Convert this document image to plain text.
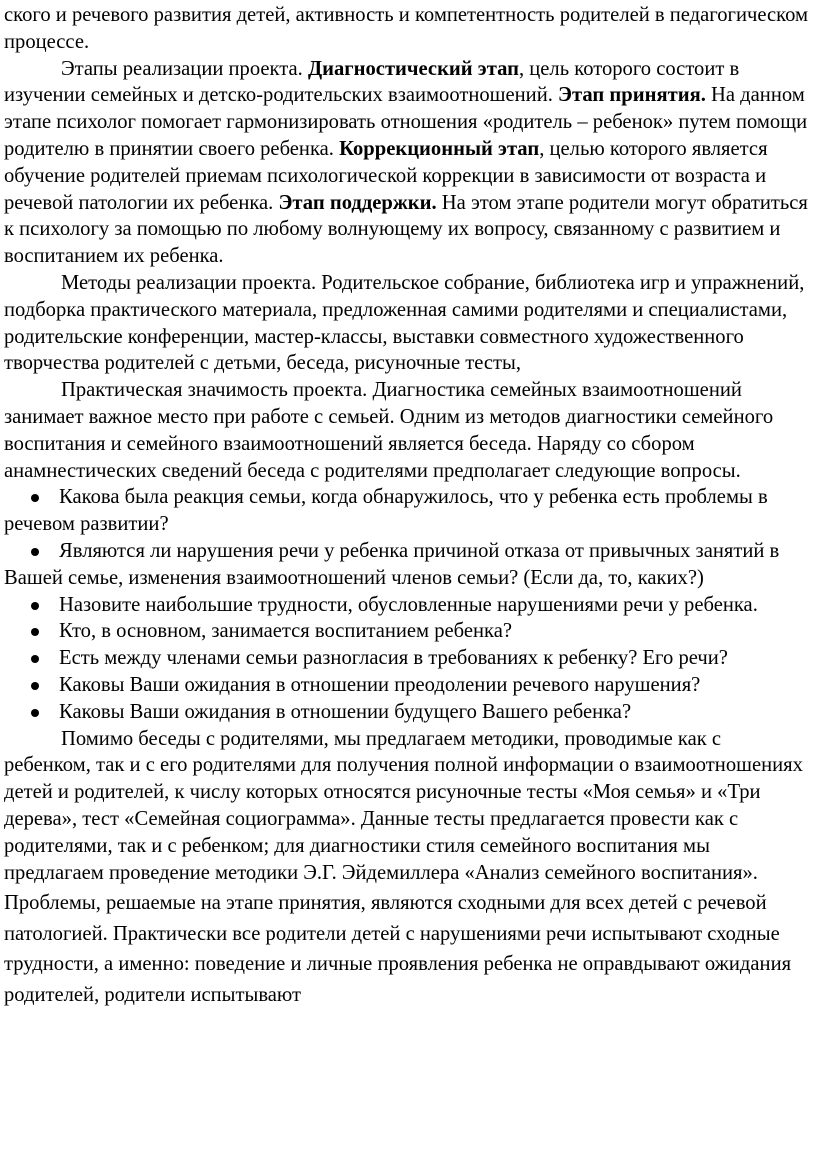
ского и речевого развития детей, активность и компетентность родителей в педагогическом процессе.

Этапы реализации проекта. Диагностический этап, цель которого состоит в изучении семейных и детско-родительских взаимоотношений. Этап принятия. На данном этапе психолог помогает гармонизировать отношения «родитель – ребенок» путем помощи родителю в принятии своего ребенка. Коррекционный этап, целью которого является обучение родителей приемам психологической коррекции в зависимости от возраста и речевой патологии их ребенка. Этап поддержки. На этом этапе родители могут обратиться к психологу за помощью по любому волнующему их вопросу, связанному с развитием и воспитанием их ребенка.

Методы реализации проекта. Родительское собрание, библиотека игр и упражнений, подборка практического материала, предложенная самими родителями и специалистами, родительские конференции, мастер-классы, выставки совместного художественного творчества родителей с детьми, беседа, рисуночные тесты,

Практическая значимость проекта. Диагностика семейных взаимоотношений занимает важное место при работе с семьей. Одним из методов диагностики семейного воспитания и семейного взаимоотношений является беседа. Наряду со сбором анамнестических сведений беседа с родителями предполагает следующие вопросы.

Какова была реакция семьи, когда обнаружилось, что у ребенка есть проблемы в речевом развитии?
Являются ли нарушения речи у ребенка причиной отказа от привычных занятий в Вашей семье, изменения взаимоотношений членов семьи? (Если да, то, каких?)
Назовите наибольшие трудности, обусловленные нарушениями речи у ребенка.
Кто, в основном, занимается воспитанием ребенка?
Есть между членами семьи разногласия в требованиях к ребенку? Его речи?
Каковы Ваши ожидания в отношении преодолении речевого нарушения?
Каковы Ваши ожидания в отношении будущего Вашего ребенка?

Помимо беседы с родителями, мы предлагаем методики, проводимые как с ребенком, так и с его родителями для получения полной информации о взаимоотношениях детей и родителей, к числу которых относятся рисуночные тесты «Моя семья» и «Три дерева», тест «Семейная социограмма». Данные тесты предлагается провести как с родителями, так и с ребенком; для диагностики стиля семейного воспитания мы предлагаем проведение методики Э.Г. Эйдемиллера «Анализ семейного воспитания».

Проблемы, решаемые на этапе принятия, являются сходными для всех детей с речевой патологией. Практически все родители детей с нарушениями речи испытывают сходные трудности, а именно: поведение и личные проявления ребенка не оправдывают ожидания родителей, родители испытывают
